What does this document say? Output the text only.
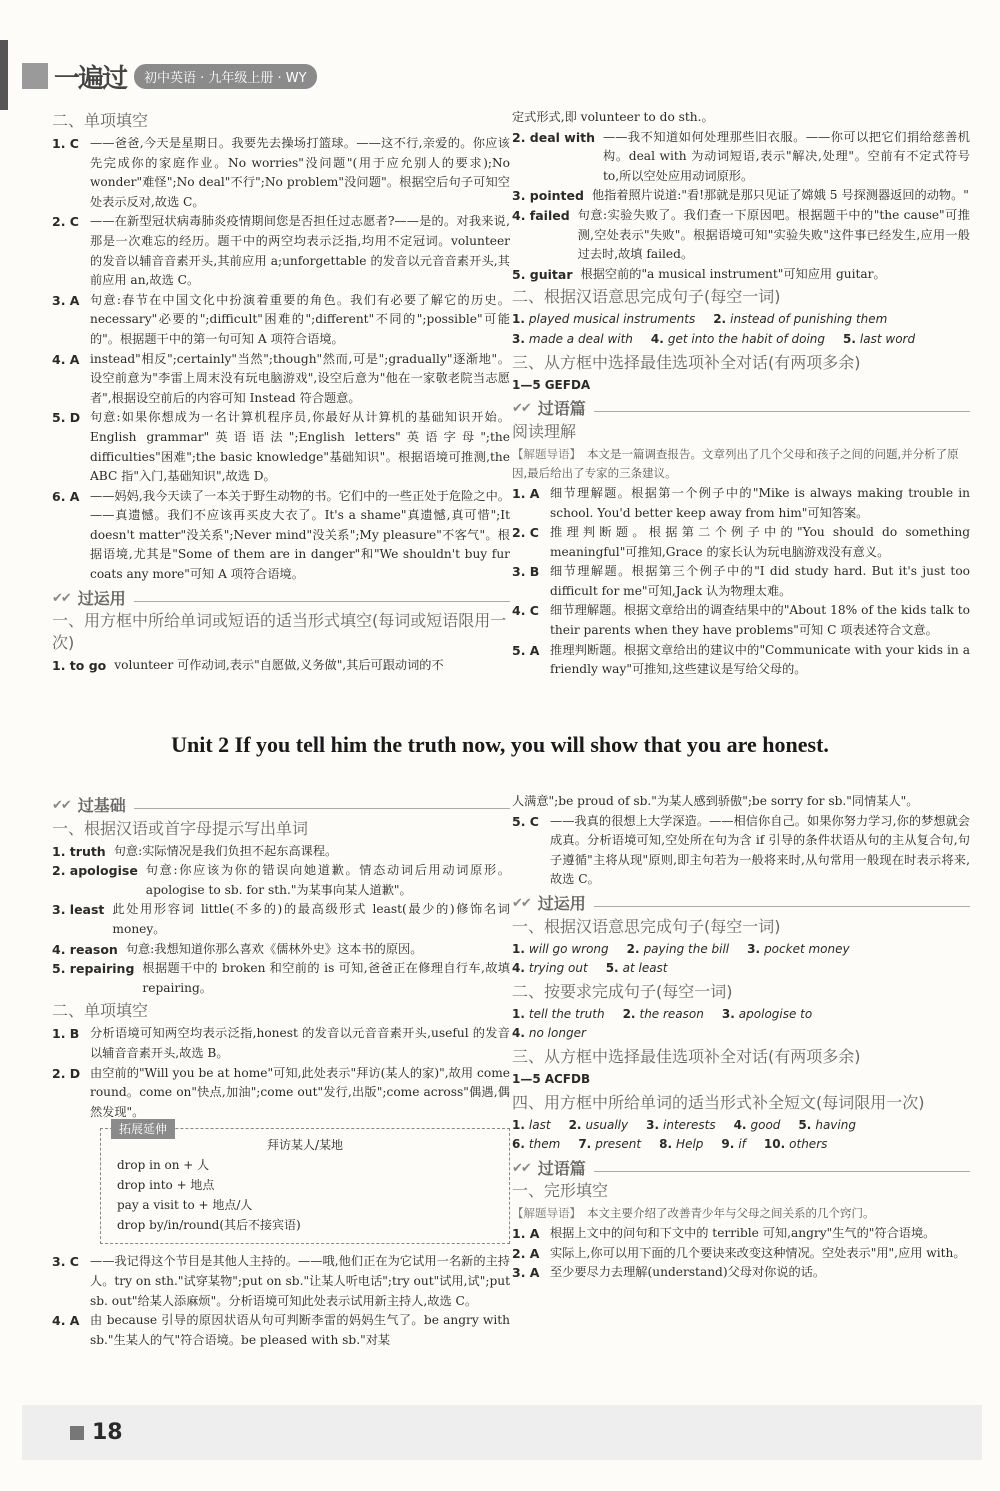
一遍过	初中英语 · 九年级上册 · WY
二、单项填空
1. C ——爸爸,今天是星期日。我要先去操场打篮球。——这不行,亲爱的。你应该先完成你的家庭作业。No worries"没问题"(用于应允别人的要求);No wonder"难怪";No deal"不行";No problem"没问题"。根据空后句子可知空处表示反对,故选 C。
2. C ——在新型冠状病毒肺炎疫情期间您是否担任过志愿者?——是的。对我来说,那是一次难忘的经历。题干中的两空均表示泛指,均用不定冠词。volunteer 的发音以辅音音素开头,其前应用 a;unforgettable 的发音以元音音素开头,其前应用 an,故选 C。
3. A 句意:春节在中国文化中扮演着重要的角色。我们有必要了解它的历史。necessary"必要的";difficult"困难的";different"不同的";possible"可能的"。根据题干中的第一句可知 A 项符合语境。
4. A instead"相反";certainly"当然";though"然而,可是";gradually"逐渐地"。设空前意为"李雷上周末没有玩电脑游戏",设空后意为"他在一家敬老院当志愿者",根据设空前后的内容可知 Instead 符合题意。
5. D 句意:如果你想成为一名计算机程序员,你最好从计算机的基础知识开始。English grammar"英语语法";English letters"英语字母";the difficulties"困难";the basic knowledge"基础知识"。根据语境可推测,the ABC 指"入门,基础知识",故选 D。
6. A ——妈妈,我今天读了一本关于野生动物的书。它们中的一些正处于危险之中。——真遗憾。我们不应该再买皮大衣了。It's a shame"真遗憾,真可惜";It doesn't matter"没关系";Never mind"没关系";My pleasure"不客气"。根据语境,尤其是"Some of them are in danger"和"We shouldn't buy fur coats any more"可知 A 项符合语境。
✔✔ 过运用
一、用方框中所给单词或短语的适当形式填空(每词或短语限用一次)
1. to go volunteer 可作动词,表示"自愿做,义务做",其后可跟动词的不
定式形式,即 volunteer to do sth.。
2. deal with ——我不知道如何处理那些旧衣服。——你可以把它们捐给慈善机构。deal with 为动词短语,表示"解决,处理"。空前有不定式符号 to,所以空处应用动词原形。
3. pointed 他指着照片说道:"看!那就是那只见证了嫦娥 5 号探测器返回的动物。"
4. failed 句意:实验失败了。我们查一下原因吧。根据题干中的"the cause"可推测,空处表示"失败"。根据语境可知"实验失败"这件事已经发生,应用一般过去时,故填 failed。
5. guitar 根据空前的"a musical instrument"可知应用 guitar。
二、根据汉语意思完成句子(每空一词)
1. played musical instruments 2. instead of punishing them
3. made a deal with 4. get into the habit of doing 5. last word
三、从方框中选择最佳选项补全对话(有两项多余)
1—5 GEFDA
✔✔ 过语篇
阅读理解
【解题导语】 本文是一篇调查报告。文章列出了几个父母和孩子之间的问题,并分析了原因,最后给出了专家的三条建议。
1. A 细节理解题。根据第一个例子中的"Mike is always making trouble in school. You'd better keep away from him"可知答案。
2. C 推理判断题。根据第二个例子中的"You should do something meaningful"可推知,Grace 的家长认为玩电脑游戏没有意义。
3. B 细节理解题。根据第三个例子中的"I did study hard. But it's just too difficult for me"可知,Jack 认为物理太难。
4. C 细节理解题。根据文章给出的调查结果中的"About 18% of the kids talk to their parents when they have problems"可知 C 项表述符合文意。
5. A 推理判断题。根据文章给出的建议中的"Communicate with your kids in a friendly way"可推知,这些建议是写给父母的。
Unit 2 If you tell him the truth now, you will show that you are honest.
✔✔ 过基础
一、根据汉语或首字母提示写出单词
1. truth 句意:实际情况是我们负担不起东高课程。
2. apologise 句意:你应该为你的错误向她道歉。情态动词后用动词原形。apologise to sb. for sth."为某事向某人道歉"。
3. least 此处用形容词 little(不多的)的最高级形式 least(最少的)修饰名词 money。
4. reason 句意:我想知道你那么喜欢《儒林外史》这本书的原因。
5. repairing 根据题干中的 broken 和空前的 is 可知,爸爸正在修理自行车,故填 repairing。
二、单项填空
1. B 分析语境可知两空均表示泛指,honest 的发音以元音音素开头,useful 的发音以辅音音素开头,故选 B。
2. D 由空前的"Will you be at home"可知,此处表示"拜访(某人的家)",故用 come round。come on"快点,加油";come out"发行,出版";come across"偶遇,偶然发现"。
拓展延伸
拜访某人/某地
drop in on + 人
drop into + 地点
pay a visit to + 地点/人
drop by/in/round(其后不接宾语)
3. C ——我记得这个节目是其他人主持的。——哦,他们正在为它试用一名新的主持人。try on sth."试穿某物";put on sb."让某人听电话";try out"试用,试";put sb. out"给某人添麻烦"。分析语境可知此处表示试用新主持人,故选 C。
4. A 由 because 引导的原因状语从句可判断李雷的妈妈生气了。be angry with sb."生某人的气"符合语境。be pleased with sb."对某
人满意";be proud of sb."为某人感到骄傲";be sorry for sb."同情某人"。
5. C ——我真的很想上大学深造。——相信你自己。如果你努力学习,你的梦想就会成真。分析语境可知,空处所在句为含 if 引导的条件状语从句的主从复合句,句子遵循"主将从现"原则,即主句若为一般将来时,从句常用一般现在时表示将来,故选 C。
✔✔ 过运用
一、根据汉语意思完成句子(每空一词)
1. will go wrong 2. paying the bill 3. pocket money
4. trying out 5. at least
二、按要求完成句子(每空一词)
1. tell the truth 2. the reason 3. apologise to
4. no longer
三、从方框中选择最佳选项补全对话(有两项多余)
1—5 ACFDB
四、用方框中所给单词的适当形式补全短文(每词限用一次)
1. last 2. usually 3. interests 4. good 5. having
6. them 7. present 8. Help 9. if 10. others
✔✔ 过语篇
一、完形填空
【解题导语】 本文主要介绍了改善青少年与父母之间关系的几个窍门。
1. A 根据上文中的问句和下文中的 terrible 可知,angry"生气的"符合语境。
2. A 实际上,你可以用下面的几个要诀来改变这种情况。空处表示"用",应用 with。
3. A 至少要尽力去理解(understand)父母对你说的话。
18
